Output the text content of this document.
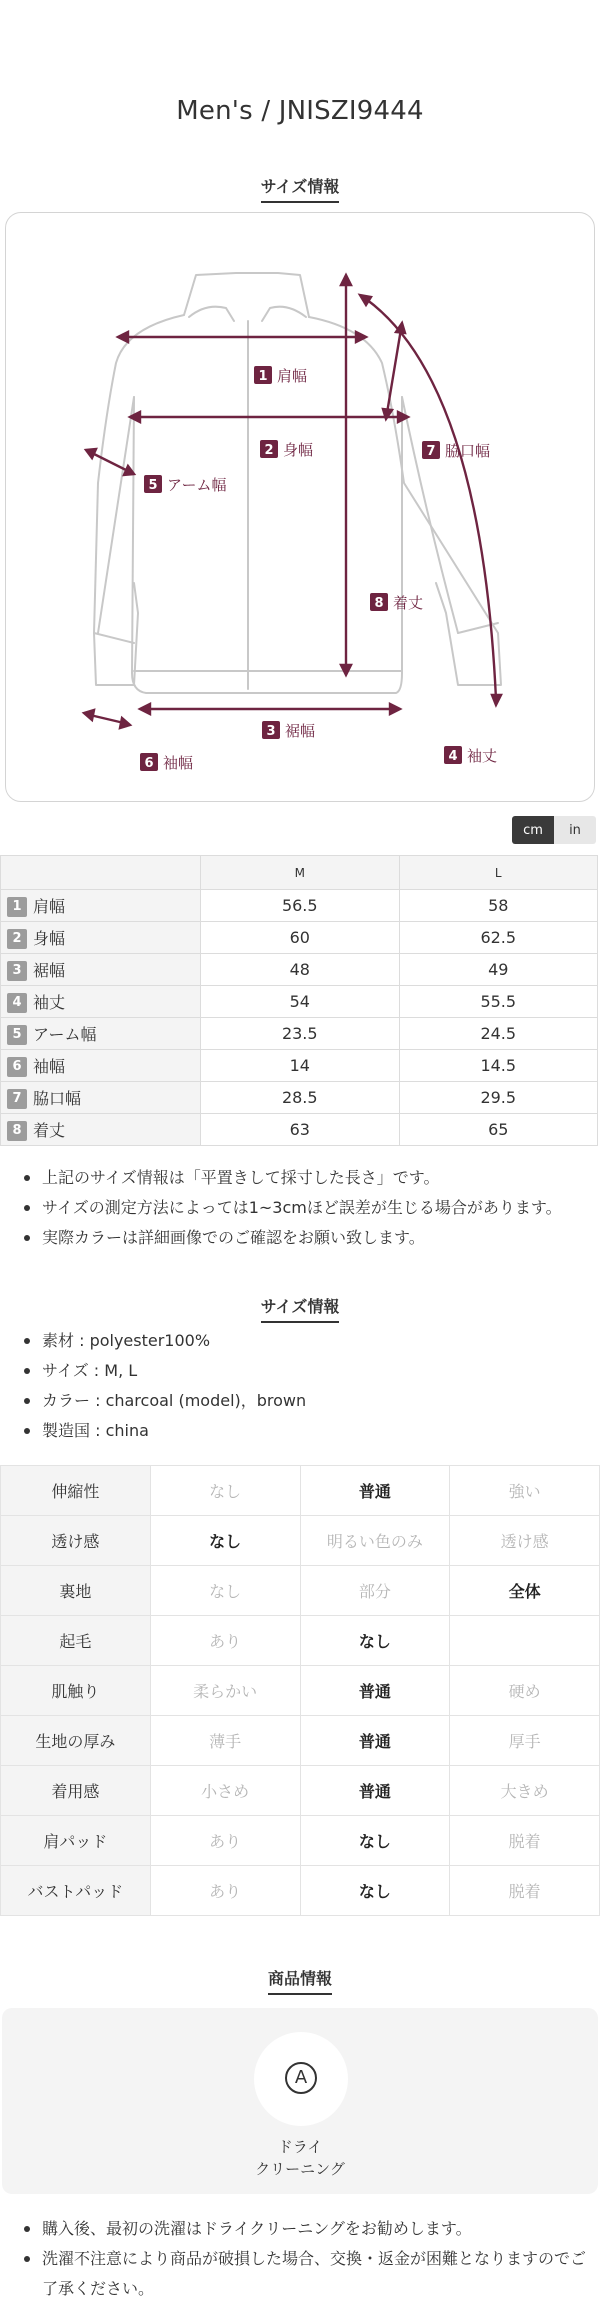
Men's / JNISZI9444
サイズ情報
1 肩幅
2 身幅
3 裾幅
4 袖丈
5 アーム幅
6 袖幅
7 脇口幅
8 着丈
cm	in
	M	L
1 肩幅	56.5	58
2 身幅	60	62.5
3 裾幅	48	49
4 袖丈	54	55.5
5 アーム幅	23.5	24.5
6 袖幅	14	14.5
7 脇口幅	28.5	29.5
8 着丈	63	65
上記のサイズ情報は「平置きして採寸した長さ」です。
サイズの測定方法によっては1~3cmほど誤差が生じる場合があります。
実際カラーは詳細画像でのご確認をお願い致します。
サイズ情報
素材 : polyester100%
サイズ : M, L
カラー : charcoal (model)，brown
製造国 : china
伸縮性	なし	普通	強い
透け感	なし	明るい色のみ	透け感
裏地	なし	部分	全体
起毛	あり	なし	
肌触り	柔らかい	普通	硬め
生地の厚み	薄手	普通	厚手
着用感	小さめ	普通	大きめ
肩パッド	あり	なし	脱着
バストパッド	あり	なし	脱着
商品情報
A
ドライ
クリーニング
購入後、最初の洗濯はドライクリーニングをお勧めします。
洗濯不注意により商品が破損した場合、交換・返金が困難となりますのでご了承ください。
